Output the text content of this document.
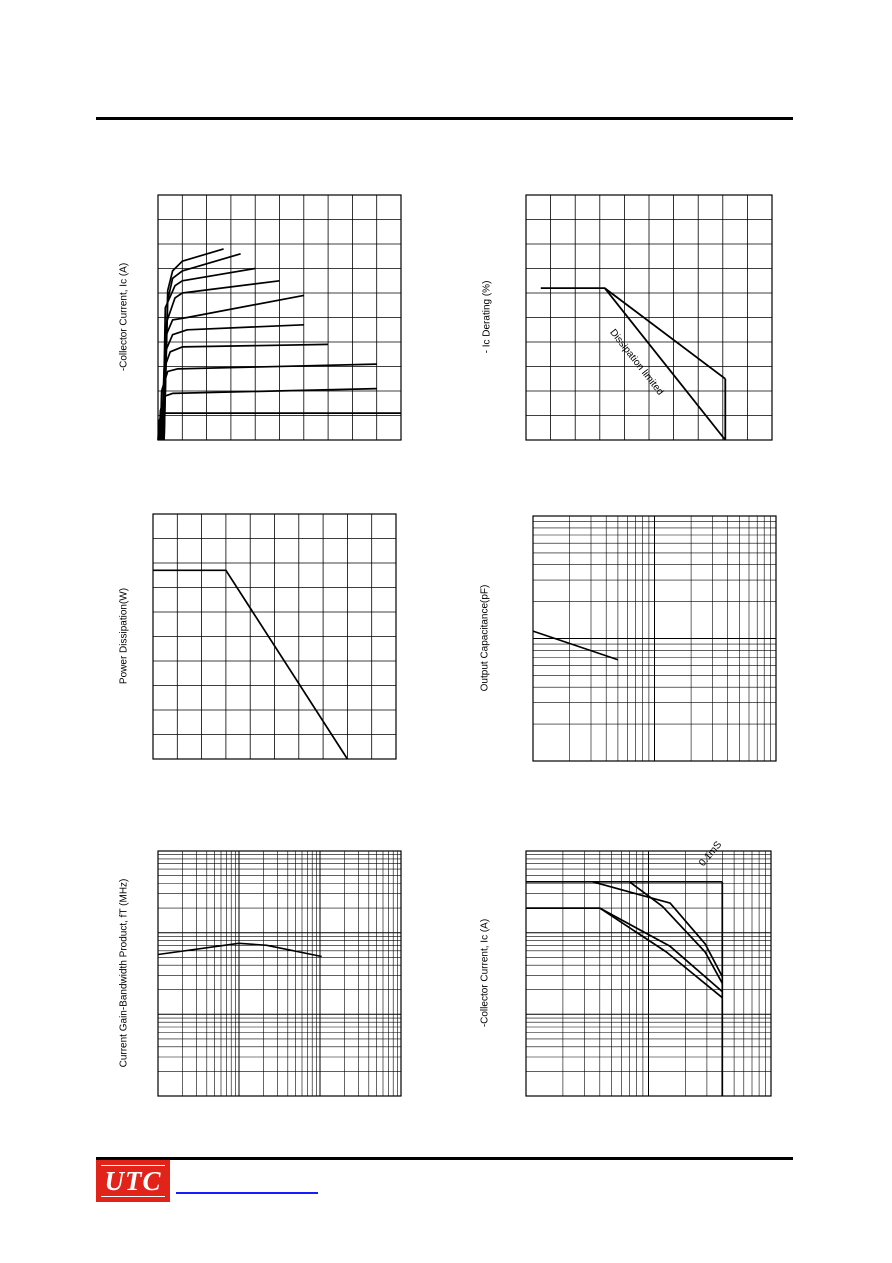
-Collector Current, Ic (A)	Dissipation limited
- Ic Derating (%)
Power Dissipation(W)	Output Capacitance(pF)
Current Gain-Bandwidth Product, fT (MHz)
0.1mS
-Collector Current, Ic (A)
UTC
